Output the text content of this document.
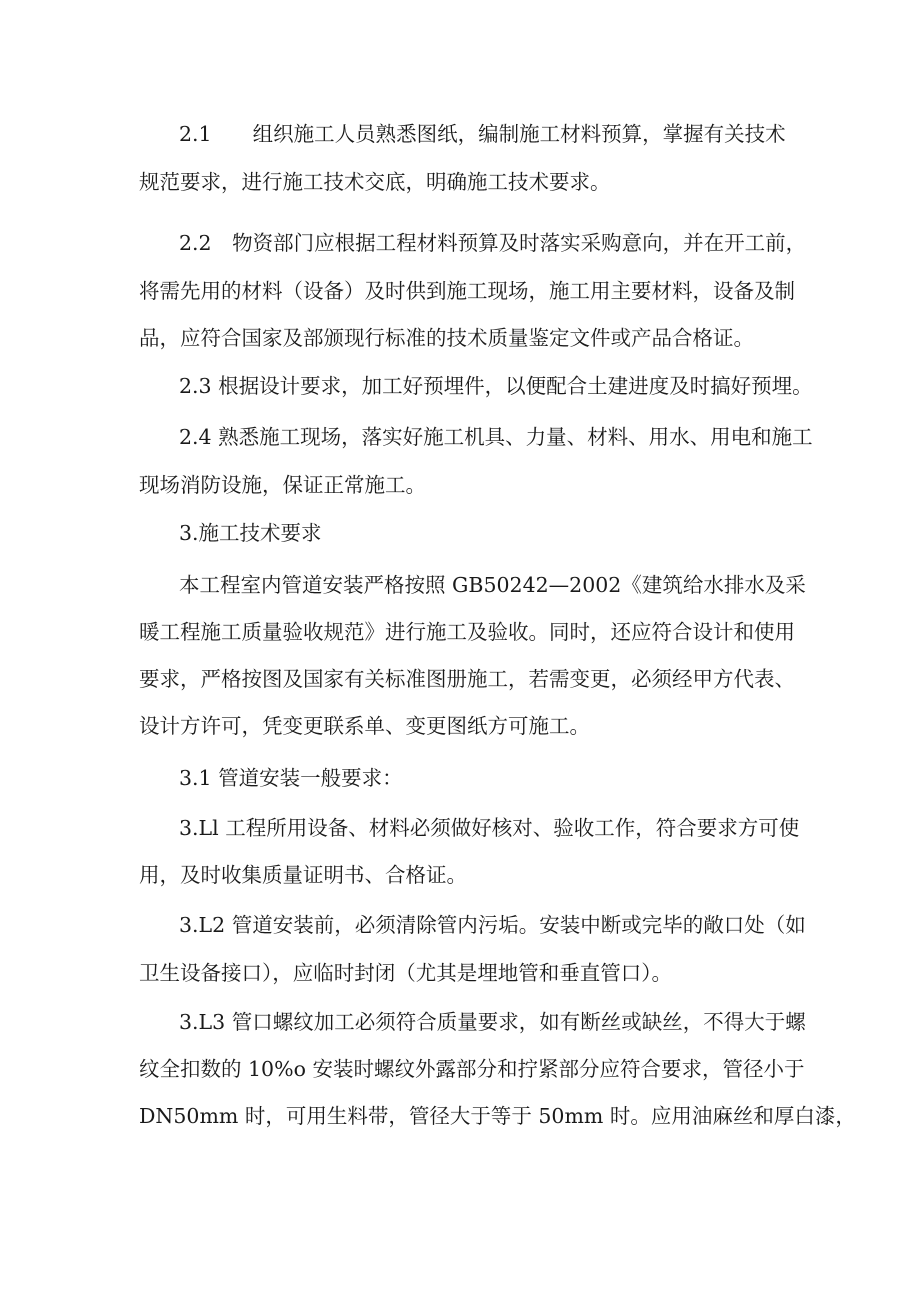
2.1　　组织施工人员熟悉图纸，编制施工材料预算，掌握有关技术
规范要求，进行施工技术交底，明确施工技术要求。
2.2　物资部门应根据工程材料预算及时落实采购意向，并在开工前，
将需先用的材料（设备）及时供到施工现场，施工用主要材料，设备及制
品，应符合国家及部颁现行标准的技术质量鉴定文件或产品合格证。
2.3 根据设计要求，加工好预埋件，以便配合土建进度及时搞好预埋。
2.4 熟悉施工现场，落实好施工机具、力量、材料、用水、用电和施工
现场消防设施，保证正常施工。
3.施工技术要求
本工程室内管道安装严格按照 GB50242—2002《建筑给水排水及采
暖工程施工质量验收规范》进行施工及验收。同时，还应符合设计和使用
要求，严格按图及国家有关标准图册施工，若需变更，必须经甲方代表、
设计方许可，凭变更联系单、变更图纸方可施工。
3.1 管道安装一般要求：
3.Ll 工程所用设备、材料必须做好核对、验收工作，符合要求方可使
用，及时收集质量证明书、合格证。
3.L2 管道安装前，必须清除管内污垢。安装中断或完毕的敞口处（如
卫生设备接口），应临时封闭（尤其是埋地管和垂直管口）。
3.L3 管口螺纹加工必须符合质量要求，如有断丝或缺丝，不得大于螺
纹全扣数的 10%o 安装时螺纹外露部分和拧紧部分应符合要求，管径小于
DN50mm 时，可用生料带，管径大于等于 50mm 时。应用油麻丝和厚白漆，
